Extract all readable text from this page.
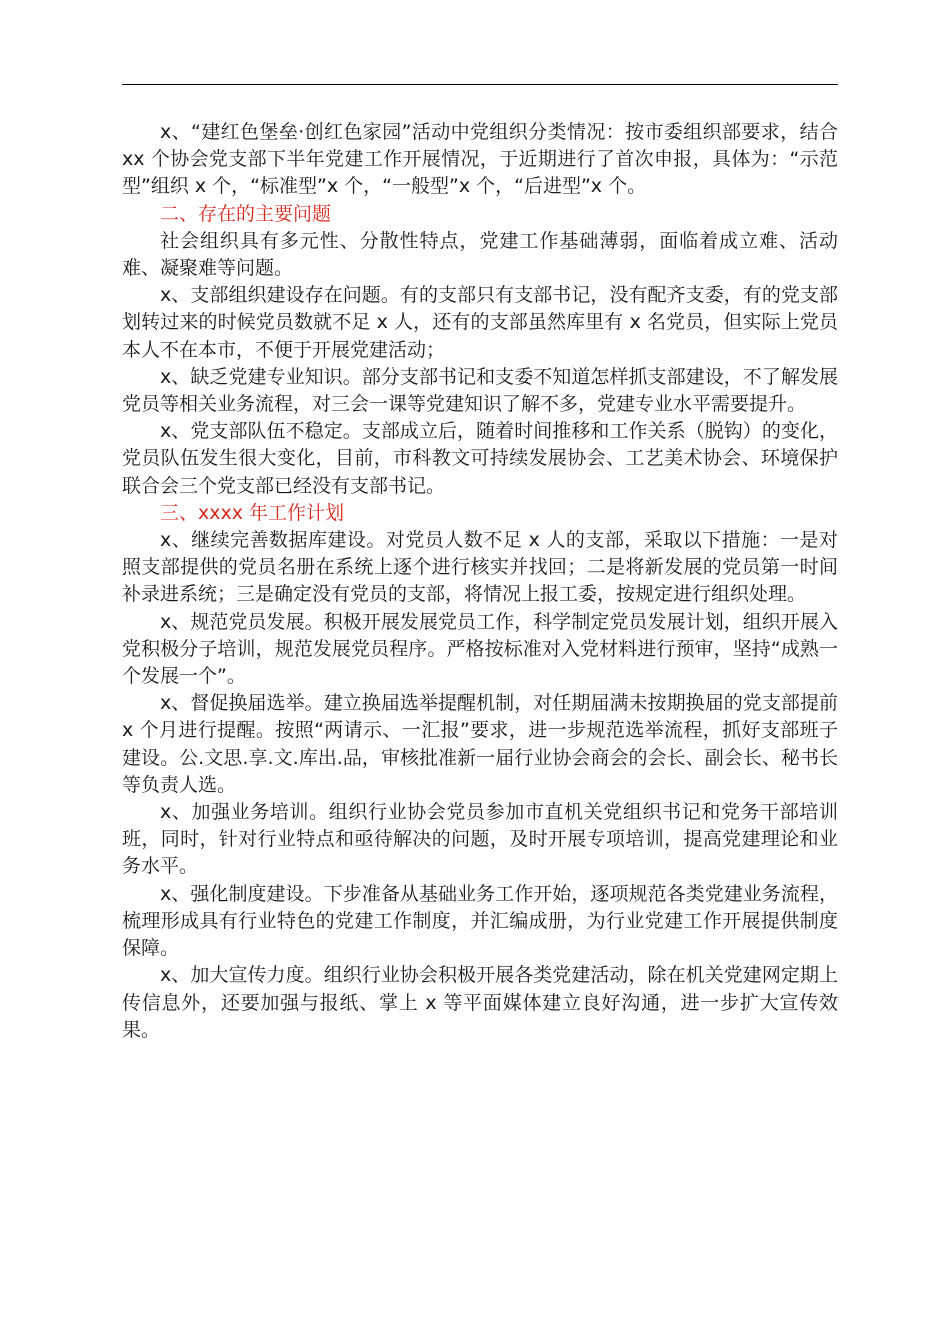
x、“建红色堡垒·创红色家园”活动中党组织分类情况：按市委组织部要求，结合 xx 个协会党支部下半年党建工作开展情况，于近期进行了首次申报，具体为：“示范型”组织 x 个，“标准型”x 个，“一般型”x 个，“后进型”x 个。

二、存在的主要问题

社会组织具有多元性、分散性特点，党建工作基础薄弱，面临着成立难、活动难、凝聚难等问题。

x、支部组织建设存在问题。有的支部只有支部书记，没有配齐支委，有的党支部划转过来的时候党员数就不足 x 人，还有的支部虽然库里有 x 名党员，但实际上党员本人不在本市，不便于开展党建活动；

x、缺乏党建专业知识。部分支部书记和支委不知道怎样抓支部建设，不了解发展党员等相关业务流程，对三会一课等党建知识了解不多，党建专业水平需要提升。

x、党支部队伍不稳定。支部成立后，随着时间推移和工作关系（脱钩）的变化，党员队伍发生很大变化，目前，市科教文可持续发展协会、工艺美术协会、环境保护联合会三个党支部已经没有支部书记。

三、xxxx 年工作计划

x、继续完善数据库建设。对党员人数不足 x 人的支部，采取以下措施：一是对照支部提供的党员名册在系统上逐个进行核实并找回；二是将新发展的党员第一时间补录进系统；三是确定没有党员的支部，将情况上报工委，按规定进行组织处理。

x、规范党员发展。积极开展发展党员工作，科学制定党员发展计划，组织开展入党积极分子培训，规范发展党员程序。严格按标准对入党材料进行预审，坚持“成熟一个发展一个”。

x、督促换届选举。建立换届选举提醒机制，对任期届满未按期换届的党支部提前 x 个月进行提醒。按照“两请示、一汇报”要求，进一步规范选举流程，抓好支部班子建设。公.文思.享.文.库出.品，审核批准新一届行业协会商会的会长、副会长、秘书长等负责人选。

x、加强业务培训。组织行业协会党员参加市直机关党组织书记和党务干部培训班，同时，针对行业特点和亟待解决的问题，及时开展专项培训，提高党建理论和业务水平。

x、强化制度建设。下步准备从基础业务工作开始，逐项规范各类党建业务流程，梳理形成具有行业特色的党建工作制度，并汇编成册，为行业党建工作开展提供制度保障。

x、加大宣传力度。组织行业协会积极开展各类党建活动，除在机关党建网定期上传信息外，还要加强与报纸、掌上 x 等平面媒体建立良好沟通，进一步扩大宣传效果。
